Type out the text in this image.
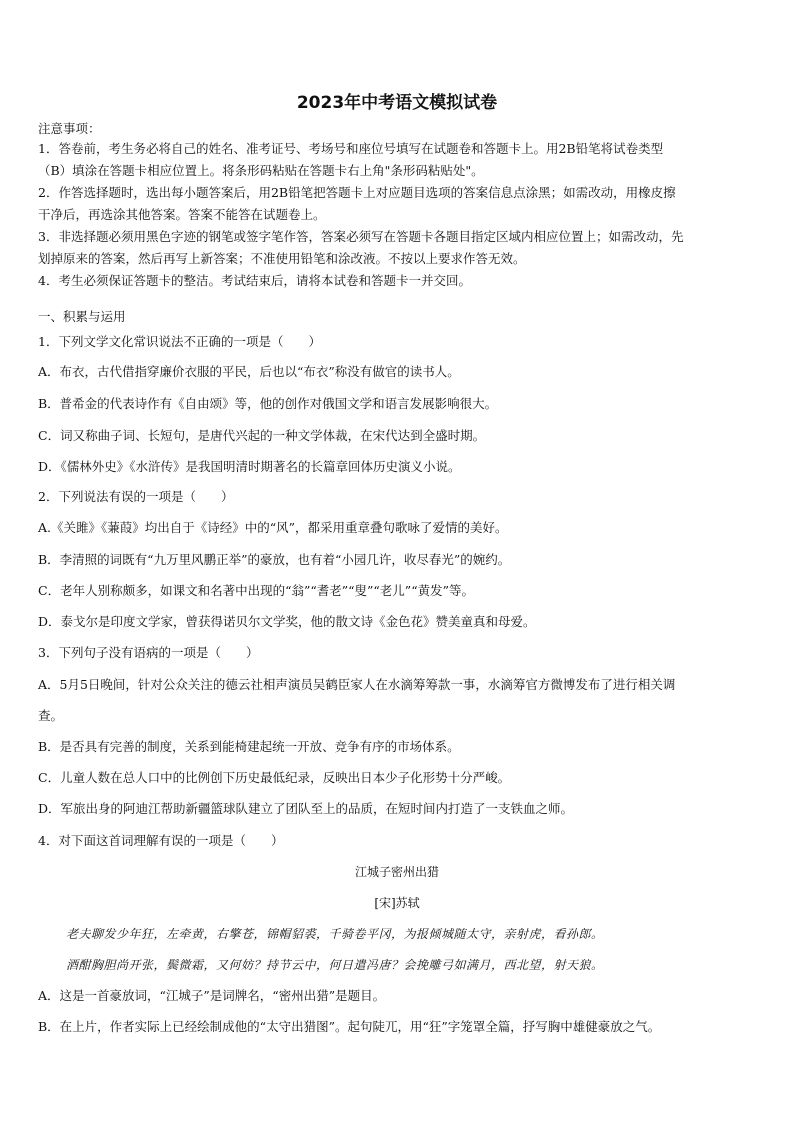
2023年中考语文模拟试卷
注意事项：
1．答卷前，考生务必将自己的姓名、准考证号、考场号和座位号填写在试题卷和答题卡上。用2B铅笔将试卷类型
（B）填涂在答题卡相应位置上。将条形码粘贴在答题卡右上角"条形码粘贴处"。
2．作答选择题时，选出每小题答案后，用2B铅笔把答题卡上对应题目选项的答案信息点涂黑；如需改动，用橡皮擦
干净后，再选涂其他答案。答案不能答在试题卷上。
3．非选择题必须用黑色字迹的钢笔或签字笔作答，答案必须写在答题卡各题目指定区域内相应位置上；如需改动，先
划掉原来的答案，然后再写上新答案；不准使用铅笔和涂改液。不按以上要求作答无效。
4．考生必须保证答题卡的整洁。考试结束后，请将本试卷和答题卡一并交回。
一、积累与运用
1．下列文学文化常识说法不正确的一项是（　　）
A．布衣，古代借指穿廉价衣服的平民，后也以“布衣”称没有做官的读书人。
B．普希金的代表诗作有《自由颂》等，他的创作对俄国文学和语言发展影响很大。
C．词又称曲子词、长短句，是唐代兴起的一种文学体裁，在宋代达到全盛时期。
D．《儒林外史》《水浒传》是我国明清时期著名的长篇章回体历史演义小说。
2．下列说法有误的一项是（　　）
A.《关雎》《蒹葭》均出自于《诗经》中的“风”，都采用重章叠句歌咏了爱情的美好。
B．李清照的词既有“九万里风鹏正举”的豪放，也有着“小园几许，收尽春光”的婉约。
C．老年人别称颇多，如课文和名著中出现的“翁”“耆老”“叟”“老儿”“黄发”等。
D．泰戈尔是印度文学家，曾获得诺贝尔文学奖，他的散文诗《金色花》赞美童真和母爱。
3．下列句子没有语病的一项是（　　）
A．5月5日晚间，针对公众关注的德云社相声演员吴鹤臣家人在水滴筹筹款一事，水滴筹官方微博发布了进行相关调
查。
B．是否具有完善的制度，关系到能椅建起统一开放、竞争有序的市场体系。
C．儿童人数在总人口中的比例创下历史最低纪录，反映出日本少子化形势十分严峻。
D．军旅出身的阿迪江帮助新疆篮球队建立了团队至上的品质，在短时间内打造了一支铁血之师。
4．对下面这首词理解有误的一项是（　　）
江城子密州出猎
[宋]苏轼
老夫聊发少年狂，左牵黄，右擎苍，锦帽貂裘，千骑卷平冈，为报倾城随太守，亲射虎，看孙郎。
酒酣胸胆尚开张，鬓微霜，又何妨？持节云中，何日遣冯唐？会挽雕弓如满月，西北望，射天狼。
A．这是一首豪放词，“江城子”是词牌名，“密州出猎”是题目。
B．在上片，作者实际上已经绘制成他的“太守出猎图”。起句陡兀，用“狂”字笼罩全篇，抒写胸中雄健豪放之气。
